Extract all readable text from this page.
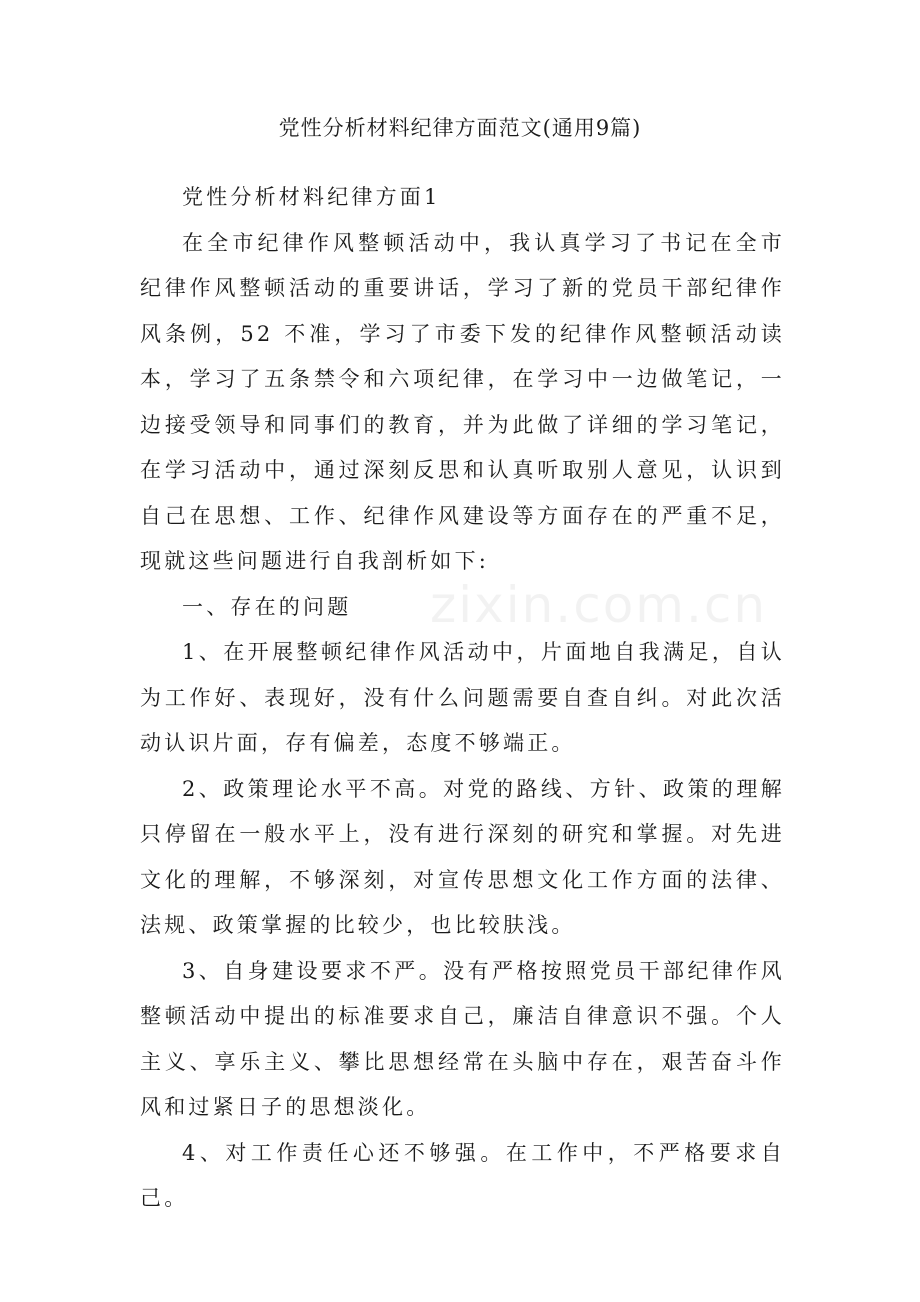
zixin.com.cn
党性分析材料纪律方面范文(通用9篇)

党性分析材料纪律方面1

在全市纪律作风整顿活动中，我认真学习了书记在全市纪律作风整顿活动的重要讲话，学习了新的党员干部纪律作风条例，52 不准，学习了市委下发的纪律作风整顿活动读本，学习了五条禁令和六项纪律，在学习中一边做笔记，一边接受领导和同事们的教育，并为此做了详细的学习笔记，在学习活动中，通过深刻反思和认真听取别人意见，认识到自己在思想、工作、纪律作风建设等方面存在的严重不足，现就这些问题进行自我剖析如下:

一、存在的问题

1、在开展整顿纪律作风活动中，片面地自我满足，自认为工作好、表现好，没有什么问题需要自查自纠。对此次活动认识片面，存有偏差，态度不够端正。

2、政策理论水平不高。对党的路线、方针、政策的理解只停留在一般水平上，没有进行深刻的研究和掌握。对先进文化的理解，不够深刻，对宣传思想文化工作方面的法律、法规、政策掌握的比较少，也比较肤浅。

3、自身建设要求不严。没有严格按照党员干部纪律作风整顿活动中提出的标准要求自己，廉洁自律意识不强。个人主义、享乐主义、攀比思想经常在头脑中存在，艰苦奋斗作风和过紧日子的思想淡化。

4、对工作责任心还不够强。在工作中，不严格要求自己。
